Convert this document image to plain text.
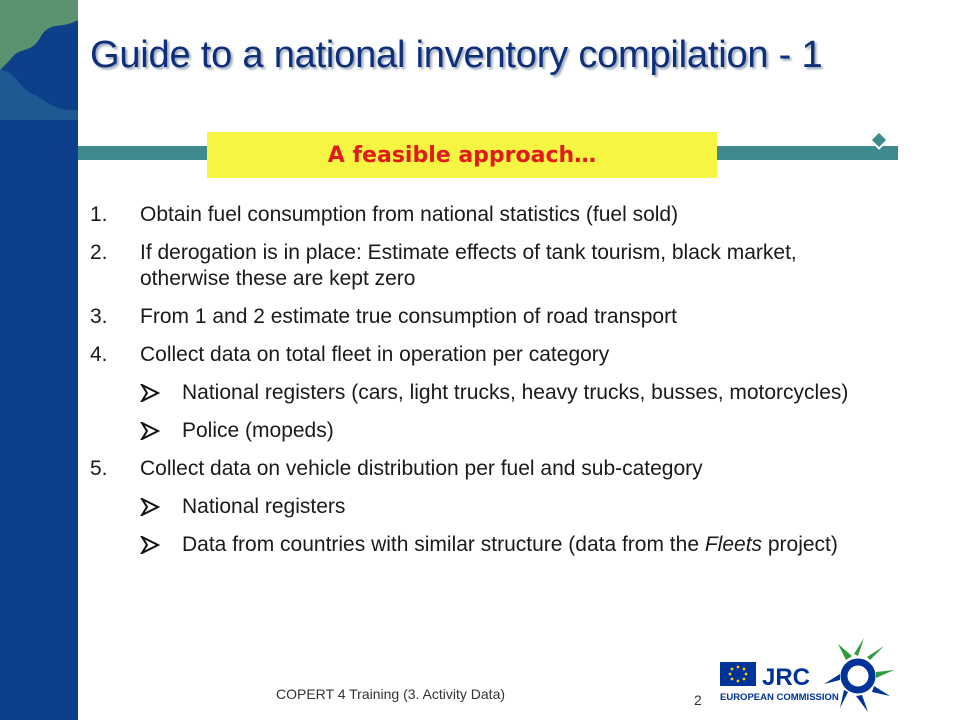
Guide to a national inventory compilation - 1
A feasible approach…
1. Obtain fuel consumption from national statistics (fuel sold)
2. If derogation is in place: Estimate effects of tank tourism, black market, otherwise these are kept zero
3. From 1 and 2 estimate true consumption of road transport
4. Collect data on total fleet in operation per category
National registers (cars, light trucks, heavy trucks, busses, motorcycles)
Police (mopeds)
5. Collect data on vehicle distribution per fuel and sub-category
National registers
Data from countries with similar structure (data from the Fleets project)
COPERT 4 Training (3. Activity Data)	2
JRC
EUROPEAN COMMISSION
